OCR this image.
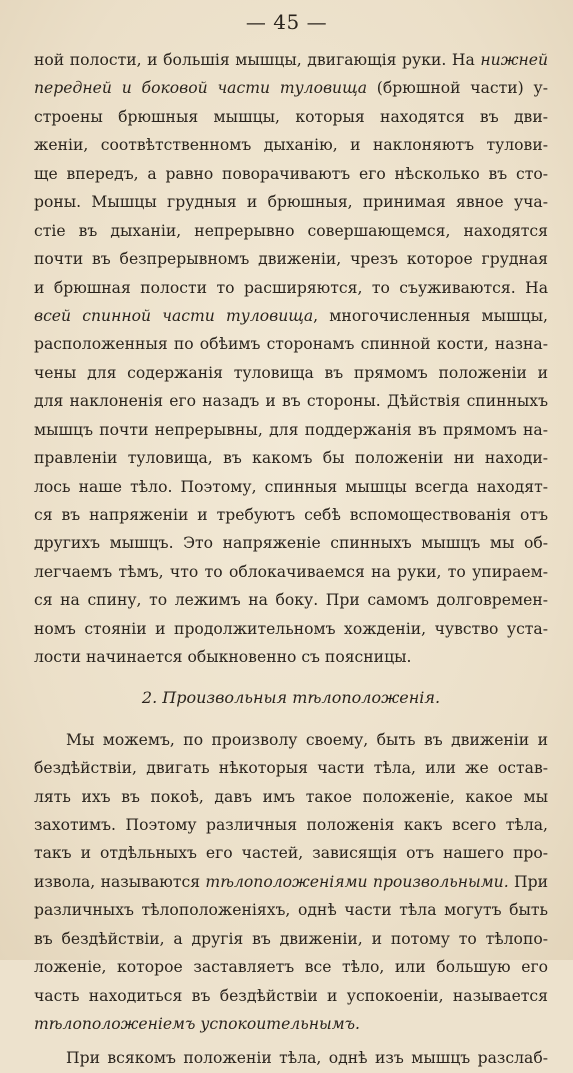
— 45 —
ной полости, и большія мышцы, двигающія руки. На нижней
передней и боковой части туловища (брюшной части) у-
строены брюшныя мышцы, которыя находятся въ дви-
женіи, соотвѣтственномъ дыханію, и наклоняютъ тулови-
ще впередъ, а равно поворачиваютъ его нѣсколько въ сто-
роны. Мышцы грудныя и брюшныя, принимая явное уча-
стіе въ дыханіи, непрерывно совершающемся, находятся
почти въ безпрерывномъ движеніи, чрезъ которое грудная
и брюшная полости то расширяются, то съуживаются. На
всей спинной части туловища, многочисленныя мышцы,
расположенныя по обѣимъ сторонамъ спинной кости, назна-
чены для содержанія туловища въ прямомъ положеніи и
для наклоненія его назадъ и въ стороны. Дѣйствія спинныхъ
мышцъ почти непрерывны, для поддержанія въ прямомъ на-
правленіи туловища, въ какомъ бы положеніи ни находи-
лось наше тѣло. Поэтому, спинныя мышцы всегда находят-
ся въ напряженіи и требуютъ себѣ вспомоществованія отъ
другихъ мышцъ. Это напряженіе спинныхъ мышцъ мы об-
легчаемъ тѣмъ, что то облокачиваемся на руки, то упираем-
ся на спину, то лежимъ на боку. При самомъ долговремен-
номъ стояніи и продолжительномъ хожденіи, чувство уста-
лости начинается обыкновенно съ поясницы.
2. Произвольныя тѣлоположенія.
Мы можемъ, по произволу своему, быть въ движеніи и
бездѣйствіи, двигать нѣкоторыя части тѣла, или же остав-
лять ихъ въ покоѣ, давъ имъ такое положеніе, какое мы
захотимъ. Поэтому различныя положенія какъ всего тѣла,
такъ и отдѣльныхъ его частей, зависящія отъ нашего про-
извола, называются тѣлоположеніями произвольными. При
различныхъ тѣлоположеніяхъ, однѣ части тѣла могутъ быть
въ бездѣйствіи, а другія въ движеніи, и потому то тѣлопо-
ложеніе, которое заставляетъ все тѣло, или большую его
часть находиться въ бездѣйствіи и успокоеніи, называется
тѣлоположеніемъ успокоительнымъ.
При всякомъ положеніи тѣла, однѣ изъ мышцъ разслаб-
